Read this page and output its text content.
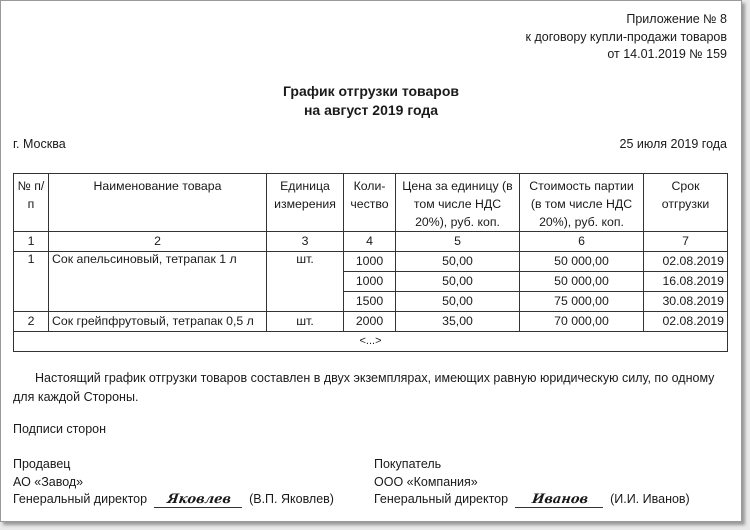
Приложение № 8
к договору купли-продажи товаров
от 14.01.2019 № 159
График отгрузки товаров
на август 2019 года
г. Москва	25 июля 2019 года
№ п/п	Наименование товара	Единица измерения	Коли-чество	Цена за единицу (в том числе НДС 20%), руб. коп.	Стоимость партии (в том числе НДС 20%), руб. коп.	Срок отгрузки
1	2	3	4	5	6	7
1	Сок апельсиновый, тетрапак 1 л	шт.	1000	50,00	50 000,00	02.08.2019
			1000	50,00	50 000,00	16.08.2019
			1500	50,00	75 000,00	30.08.2019
2	Сок грейпфрутовый, тетрапак 0,5 л	шт.	2000	35,00	70 000,00	02.08.2019
<...>						
Настоящий график отгрузки товаров составлен в двух экземплярах, имеющих равную юридическую силу, по одному для каждой Стороны.
Подписи сторон
Продавец
АО «Завод»
Генеральный директор Яковлев (В.П. Яковлев)
Покупатель
ООО «Компания»
Генеральный директор Иванов (И.И. Иванов)
